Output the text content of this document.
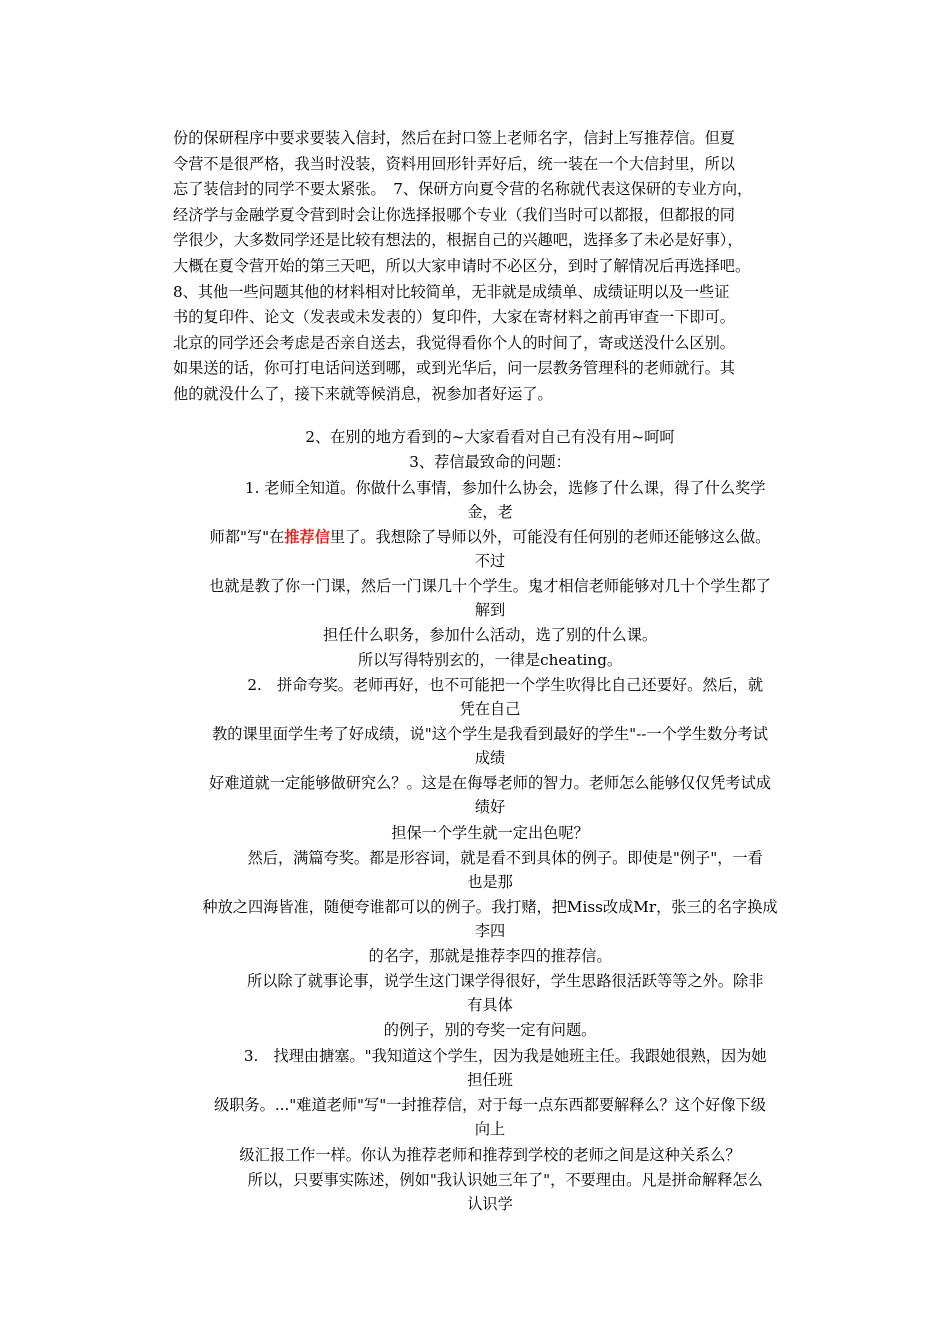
份的保研程序中要求要装入信封，然后在封口签上老师名字，信封上写推荐信。但夏
令营不是很严格，我当时没装，资料用回形针弄好后，统一装在一个大信封里，所以
忘了装信封的同学不要太紧张。　7、保研方向夏令营的名称就代表这保研的专业方向，
经济学与金融学夏令营到时会让你选择报哪个专业（我们当时可以都报，但都报的同
学很少，大多数同学还是比较有想法的，根据自己的兴趣吧，选择多了未必是好事），
大概在夏令营开始的第三天吧，所以大家申请时不必区分，到时了解情况后再选择吧。
8、其他一些问题其他的材料相对比较简单，无非就是成绩单、成绩证明以及一些证
书的复印件、论文（发表或未发表的）复印件，大家在寄材料之前再审查一下即可。
北京的同学还会考虑是否亲自送去，我觉得看你个人的时间了，寄或送没什么区别。
如果送的话，你可打电话问送到哪，或到光华后，问一层教务管理科的老师就行。其
他的就没什么了，接下来就等候消息，祝参加者好运了。
2、在别的地方看到的~大家看看对自己有没有用~呵呵
3、荐信最致命的问题：
　　1. 老师全知道。你做什么事情，参加什么协会，选修了什么课，得了什么奖学
金，老
师都"写"在推荐信里了。我想除了导师以外，可能没有任何别的老师还能够这么做。
不过
也就是教了你一门课，然后一门课几十个学生。鬼才相信老师能够对几十个学生都了
解到
担任什么职务，参加什么活动，选了别的什么课。
所以写得特别玄的，一律是cheating。
　　2.　拼命夸奖。老师再好，也不可能把一个学生吹得比自己还要好。然后，就
凭在自己
教的课里面学生考了好成绩，说"这个学生是我看到最好的学生"--一个学生数分考试
成绩
好难道就一定能够做研究么？。这是在侮辱老师的智力。老师怎么能够仅仅凭考试成
绩好
担保一个学生就一定出色呢？
　　然后，满篇夸奖。都是形容词，就是看不到具体的例子。即使是"例子"，一看
也是那
种放之四海皆准，随便夸谁都可以的例子。我打赌，把Miss改成Mr，张三的名字换成
李四
的名字，那就是推荐李四的推荐信。
　　所以除了就事论事，说学生这门课学得很好，学生思路很活跃等等之外。除非
有具体
的例子，别的夸奖一定有问题。
　　3.　找理由搪塞。"我知道这个学生，因为我是她班主任。我跟她很熟，因为她
担任班
级职务。..."难道老师"写"一封推荐信，对于每一点东西都要解释么？这个好像下级
向上
级汇报工作一样。你认为推荐老师和推荐到学校的老师之间是这种关系么？
　　所以，只要事实陈述，例如"我认识她三年了"，不要理由。凡是拼命解释怎么
认识学
